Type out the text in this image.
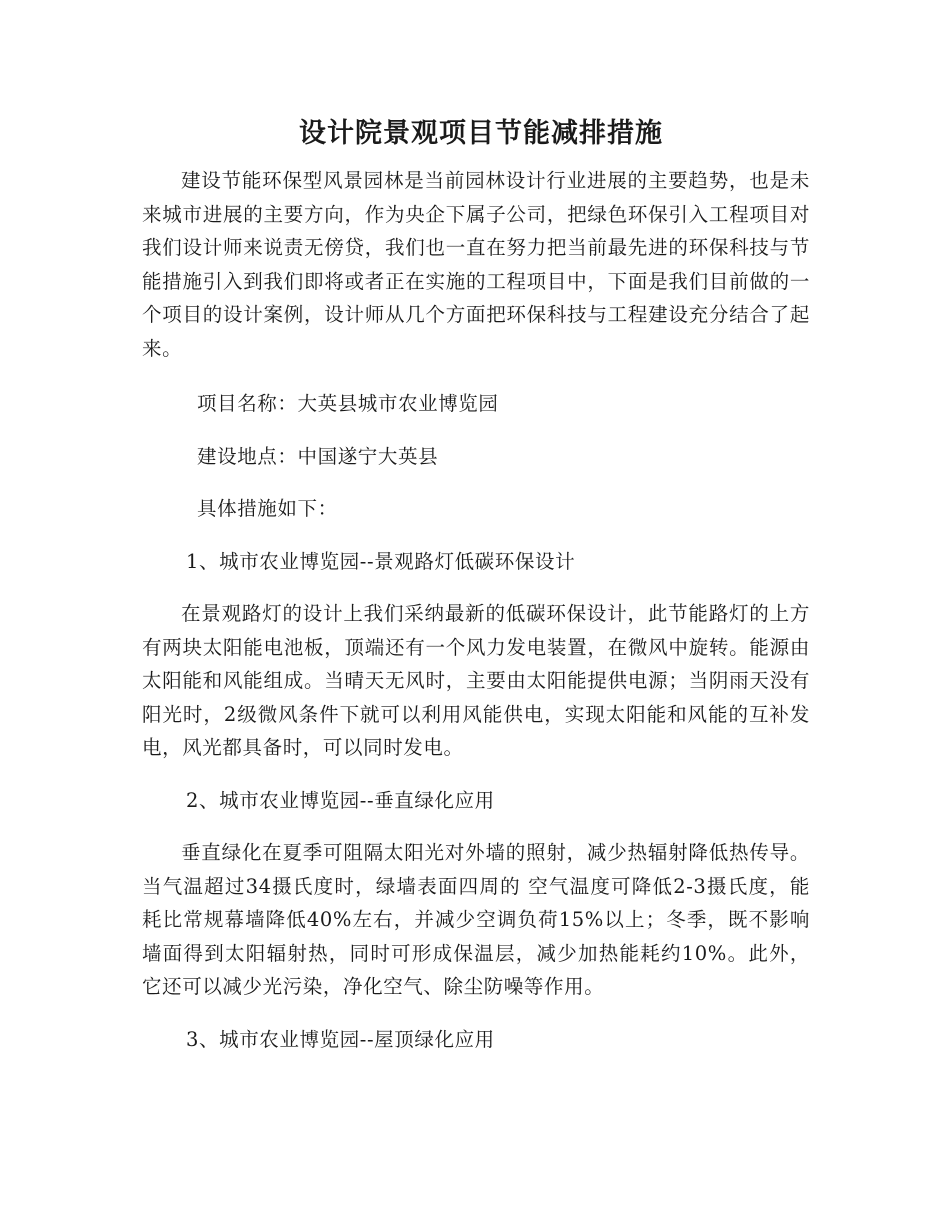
设计院景观项目节能减排措施

建设节能环保型风景园林是当前园林设计行业进展的主要趋势，也是未来城市进展的主要方向，作为央企下属子公司，把绿色环保引入工程项目对我们设计师来说责无傍贷，我们也一直在努力把当前最先进的环保科技与节能措施引入到我们即将或者正在实施的工程项目中，下面是我们目前做的一个项目的设计案例，设计师从几个方面把环保科技与工程建设充分结合了起来。

项目名称：大英县城市农业博览园

建设地点：中国遂宁大英县

具体措施如下：

1、城市农业博览园--景观路灯低碳环保设计

在景观路灯的设计上我们采纳最新的低碳环保设计，此节能路灯的上方有两块太阳能电池板，顶端还有一个风力发电装置，在微风中旋转。能源由太阳能和风能组成。当晴天无风时，主要由太阳能提供电源；当阴雨天没有阳光时，2级微风条件下就可以利用风能供电，实现太阳能和风能的互补发电，风光都具备时，可以同时发电。

2、城市农业博览园--垂直绿化应用

垂直绿化在夏季可阻隔太阳光对外墙的照射，减少热辐射降低热传导。当气温超过34摄氏度时，绿墙表面四周的 空气温度可降低2-3摄氏度，能耗比常规幕墙降低40%左右，并减少空调负荷15%以上；冬季，既不影响墙面得到太阳辐射热，同时可形成保温层，减少加热能耗约10%。此外，它还可以减少光污染，净化空气、除尘防噪等作用。

3、城市农业博览园--屋顶绿化应用
